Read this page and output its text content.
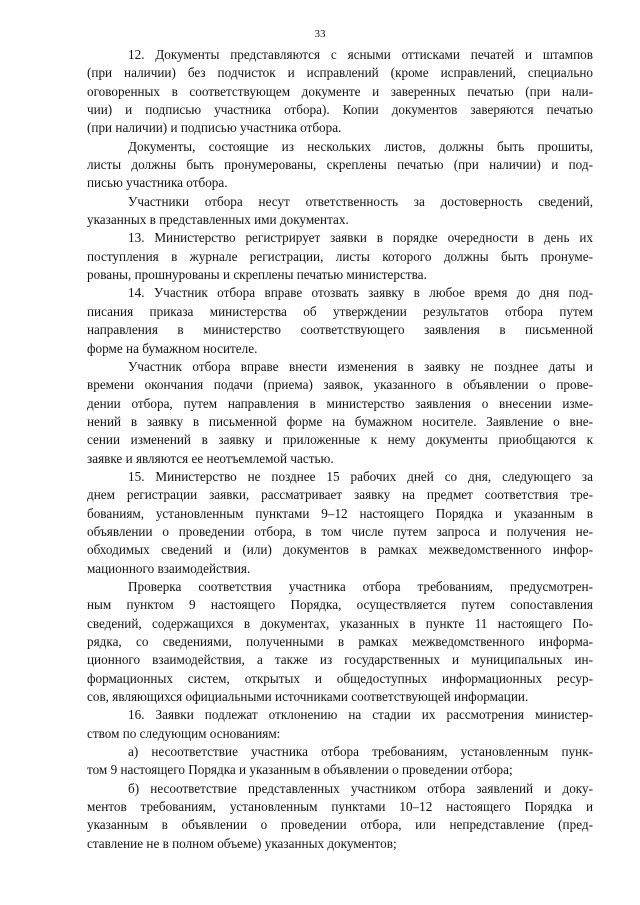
33
12. Документы представляются с ясными оттисками печатей и штампов
(при наличии) без подчисток и исправлений (кроме исправлений, специально
оговоренных в соответствующем документе и заверенных печатью (при нали-
чии) и подписью участника отбора). Копии документов заверяются печатью
(при наличии) и подписью участника отбора.
Документы, состоящие из нескольких листов, должны быть прошиты,
листы должны быть пронумерованы, скреплены печатью (при наличии) и под-
писью участника отбора.
Участники отбора несут ответственность за достоверность сведений,
указанных в представленных ими документах.
13. Министерство регистрирует заявки в порядке очередности в день их
поступления в журнале регистрации, листы которого должны быть пронуме-
рованы, прошнурованы и скреплены печатью министерства.
14. Участник отбора вправе отозвать заявку в любое время до дня под-
писания приказа министерства об утверждении результатов отбора путем
направления в министерство соответствующего заявления в письменной
форме на бумажном носителе.
Участник отбора вправе внести изменения в заявку не позднее даты и
времени окончания подачи (приема) заявок, указанного в объявлении о прове-
дении отбора, путем направления в министерство заявления о внесении изме-
нений в заявку в письменной форме на бумажном носителе. Заявление о вне-
сении изменений в заявку и приложенные к нему документы приобщаются к
заявке и являются ее неотъемлемой частью.
15. Министерство не позднее 15 рабочих дней со дня, следующего за
днем регистрации заявки, рассматривает заявку на предмет соответствия тре-
бованиям, установленным пунктами 9–12 настоящего Порядка и указанным в
объявлении о проведении отбора, в том числе путем запроса и получения не-
обходимых сведений и (или) документов в рамках межведомственного инфор-
мационного взаимодействия.
Проверка соответствия участника отбора требованиям, предусмотрен-
ным пунктом 9 настоящего Порядка, осуществляется путем сопоставления
сведений, содержащихся в документах, указанных в пункте 11 настоящего По-
рядка, со сведениями, полученными в рамках межведомственного информа-
ционного взаимодействия, а также из государственных и муниципальных ин-
формационных систем, открытых и общедоступных информационных ресур-
сов, являющихся официальными источниками соответствующей информации.
16. Заявки подлежат отклонению на стадии их рассмотрения министер-
ством по следующим основаниям:
а) несоответствие участника отбора требованиям, установленным пунк-
том 9 настоящего Порядка и указанным в объявлении о проведении отбора;
б) несоответствие представленных участником отбора заявлений и доку-
ментов требованиям, установленным пунктами 10–12 настоящего Порядка и
указанным в объявлении о проведении отбора, или непредставление (пред-
ставление не в полном объеме) указанных документов;
